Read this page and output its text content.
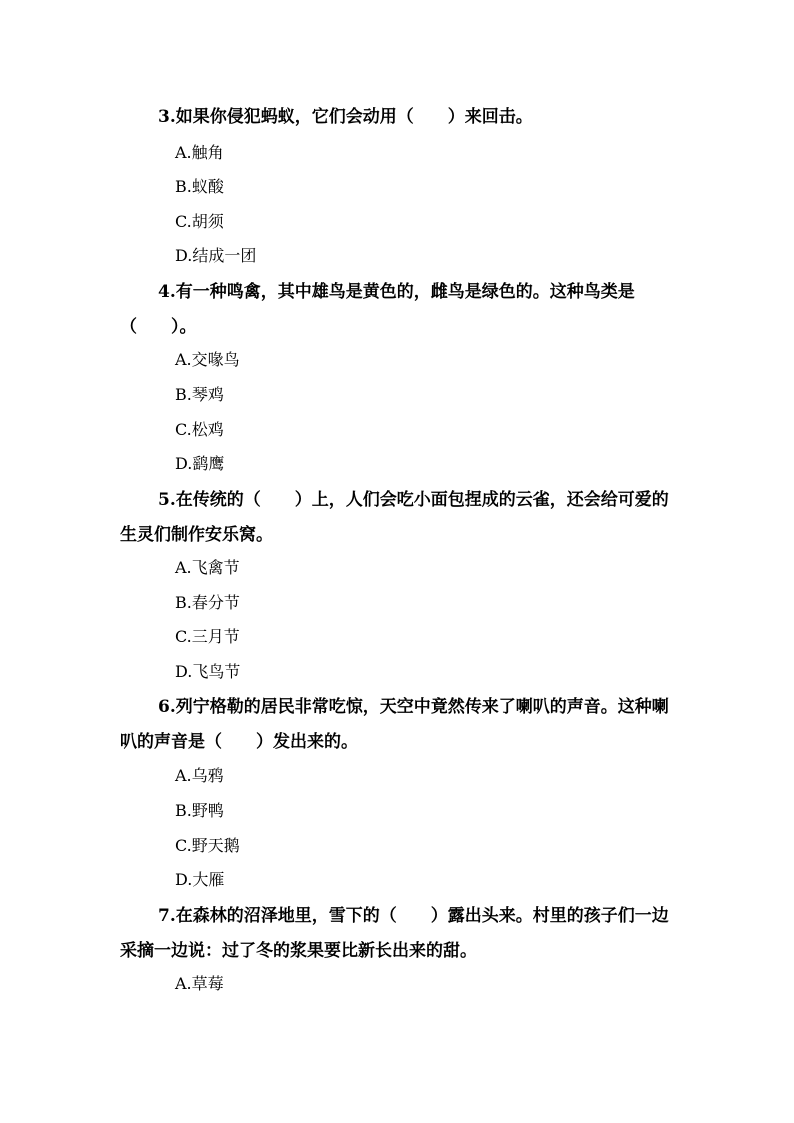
3.如果你侵犯蚂蚁，它们会动用（　　）来回击。

A.触角

B.蚁酸

C.胡须

D.结成一团

4.有一种鸣禽，其中雄鸟是黄色的，雌鸟是绿色的。这种鸟类是（　　）。

A.交喙鸟

B.琴鸡

C.松鸡

D.鹞鹰

5.在传统的（　　）上，人们会吃小面包捏成的云雀，还会给可爱的生灵们制作安乐窝。

A.飞禽节

B.春分节

C.三月节

D.飞鸟节

6.列宁格勒的居民非常吃惊，天空中竟然传来了喇叭的声音。这种喇叭的声音是（　　）发出来的。

A.乌鸦

B.野鸭

C.野天鹅

D.大雁

7.在森林的沼泽地里，雪下的（　　）露出头来。村里的孩子们一边采摘一边说：过了冬的浆果要比新长出来的甜。

A.草莓
